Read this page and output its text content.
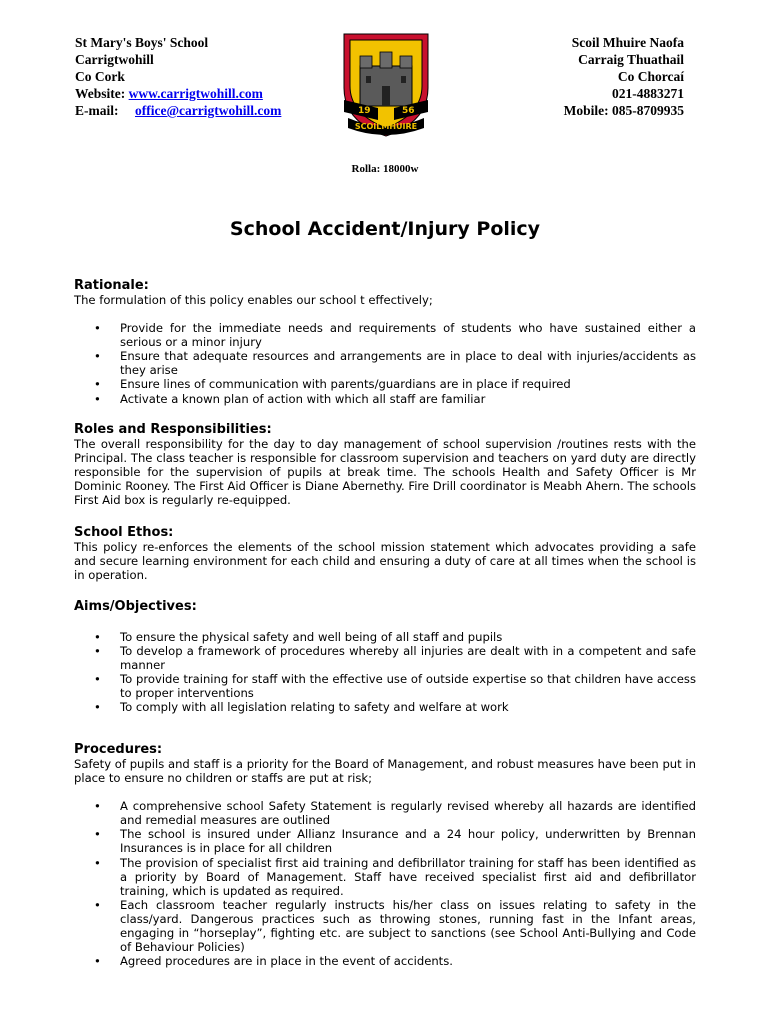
St Mary's Boys' School
Carrigtwohill
Co Cork
Website: www.carrigtwohill.com
E-mail: office@carrigtwohill.com	19	56
SCOILMHUIRE
Scoil Mhuire Naofa
Carraig Thuathail
Co Chorcaí
021-4883271
Mobile: 085-8709935
Rolla: 18000w
School Accident/Injury Policy
Rationale:
The formulation of this policy enables our school t effectively;
• Provide for the immediate needs and requirements of students who have sustained either a serious or a minor injury
• Ensure that adequate resources and arrangements are in place to deal with injuries/accidents as they arise
• Ensure lines of communication with parents/guardians are in place if required
• Activate a known plan of action with which all staff are familiar
Roles and Responsibilities:
The overall responsibility for the day to day management of school supervision /routines rests with the Principal. The class teacher is responsible for classroom supervision and teachers on yard duty are directly responsible for the supervision of pupils at break time. The schools Health and Safety Officer is Mr Dominic Rooney. The First Aid Officer is Diane Abernethy. Fire Drill coordinator is Meabh Ahern. The schools First Aid box is regularly re-equipped.
School Ethos:
This policy re-enforces the elements of the school mission statement which advocates providing a safe and secure learning environment for each child and ensuring a duty of care at all times when the school is in operation.
Aims/Objectives:
• To ensure the physical safety and well being of all staff and pupils
• To develop a framework of procedures whereby all injuries are dealt with in a competent and safe manner
• To provide training for staff with the effective use of outside expertise so that children have access to proper interventions
• To comply with all legislation relating to safety and welfare at work
Procedures:
Safety of pupils and staff is a priority for the Board of Management, and robust measures have been put in place to ensure no children or staffs are put at risk;
• A comprehensive school Safety Statement is regularly revised whereby all hazards are identified and remedial measures are outlined
• The school is insured under Allianz Insurance and a 24 hour policy, underwritten by Brennan Insurances is in place for all children
• The provision of specialist first aid training and defibrillator training for staff has been identified as a priority by Board of Management. Staff have received specialist first aid and defibrillator training, which is updated as required.
• Each classroom teacher regularly instructs his/her class on issues relating to safety in the class/yard. Dangerous practices such as throwing stones, running fast in the Infant areas, engaging in “horseplay”, fighting etc. are subject to sanctions (see School Anti-Bullying and Code of Behaviour Policies)
• Agreed procedures are in place in the event of accidents.
